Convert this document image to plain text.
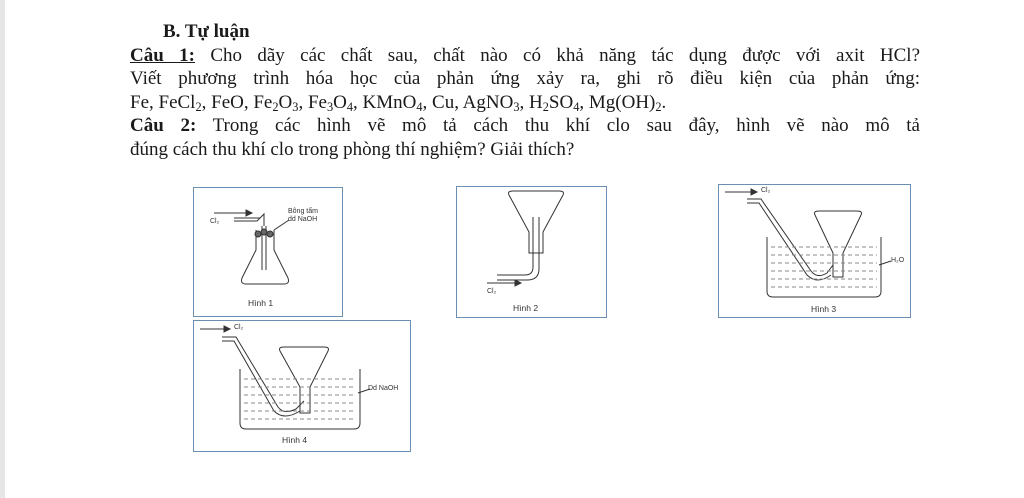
B. Tự luận
Câu 1: Cho dãy các chất sau, chất nào có khả năng tác dụng được với axit HCl?
Viết phương trình hóa học của phản ứng xảy ra, ghi rõ điều kiện của phản ứng:
Fe, FeCl$_2$, FeO, $Fe_2O_3$, $Fe_3O_4$, KMnO$_4$, Cu, AgNO$_3$, $H_2SO_4$, $Mg(OH)_2$.
Câu 2: Trong các hình vẽ mô tả cách thu khí clo sau đây, hình vẽ nào mô tả
đúng cách thu khí clo trong phòng thí nghiệm? Giải thích?
Cl₂
Bông tẩm
dd NaOH
Hình 1
Cl₂
Hình 2
Cl₂
H₂O
Hình 3
Cl₂
Dd NaOH
Hình 4
